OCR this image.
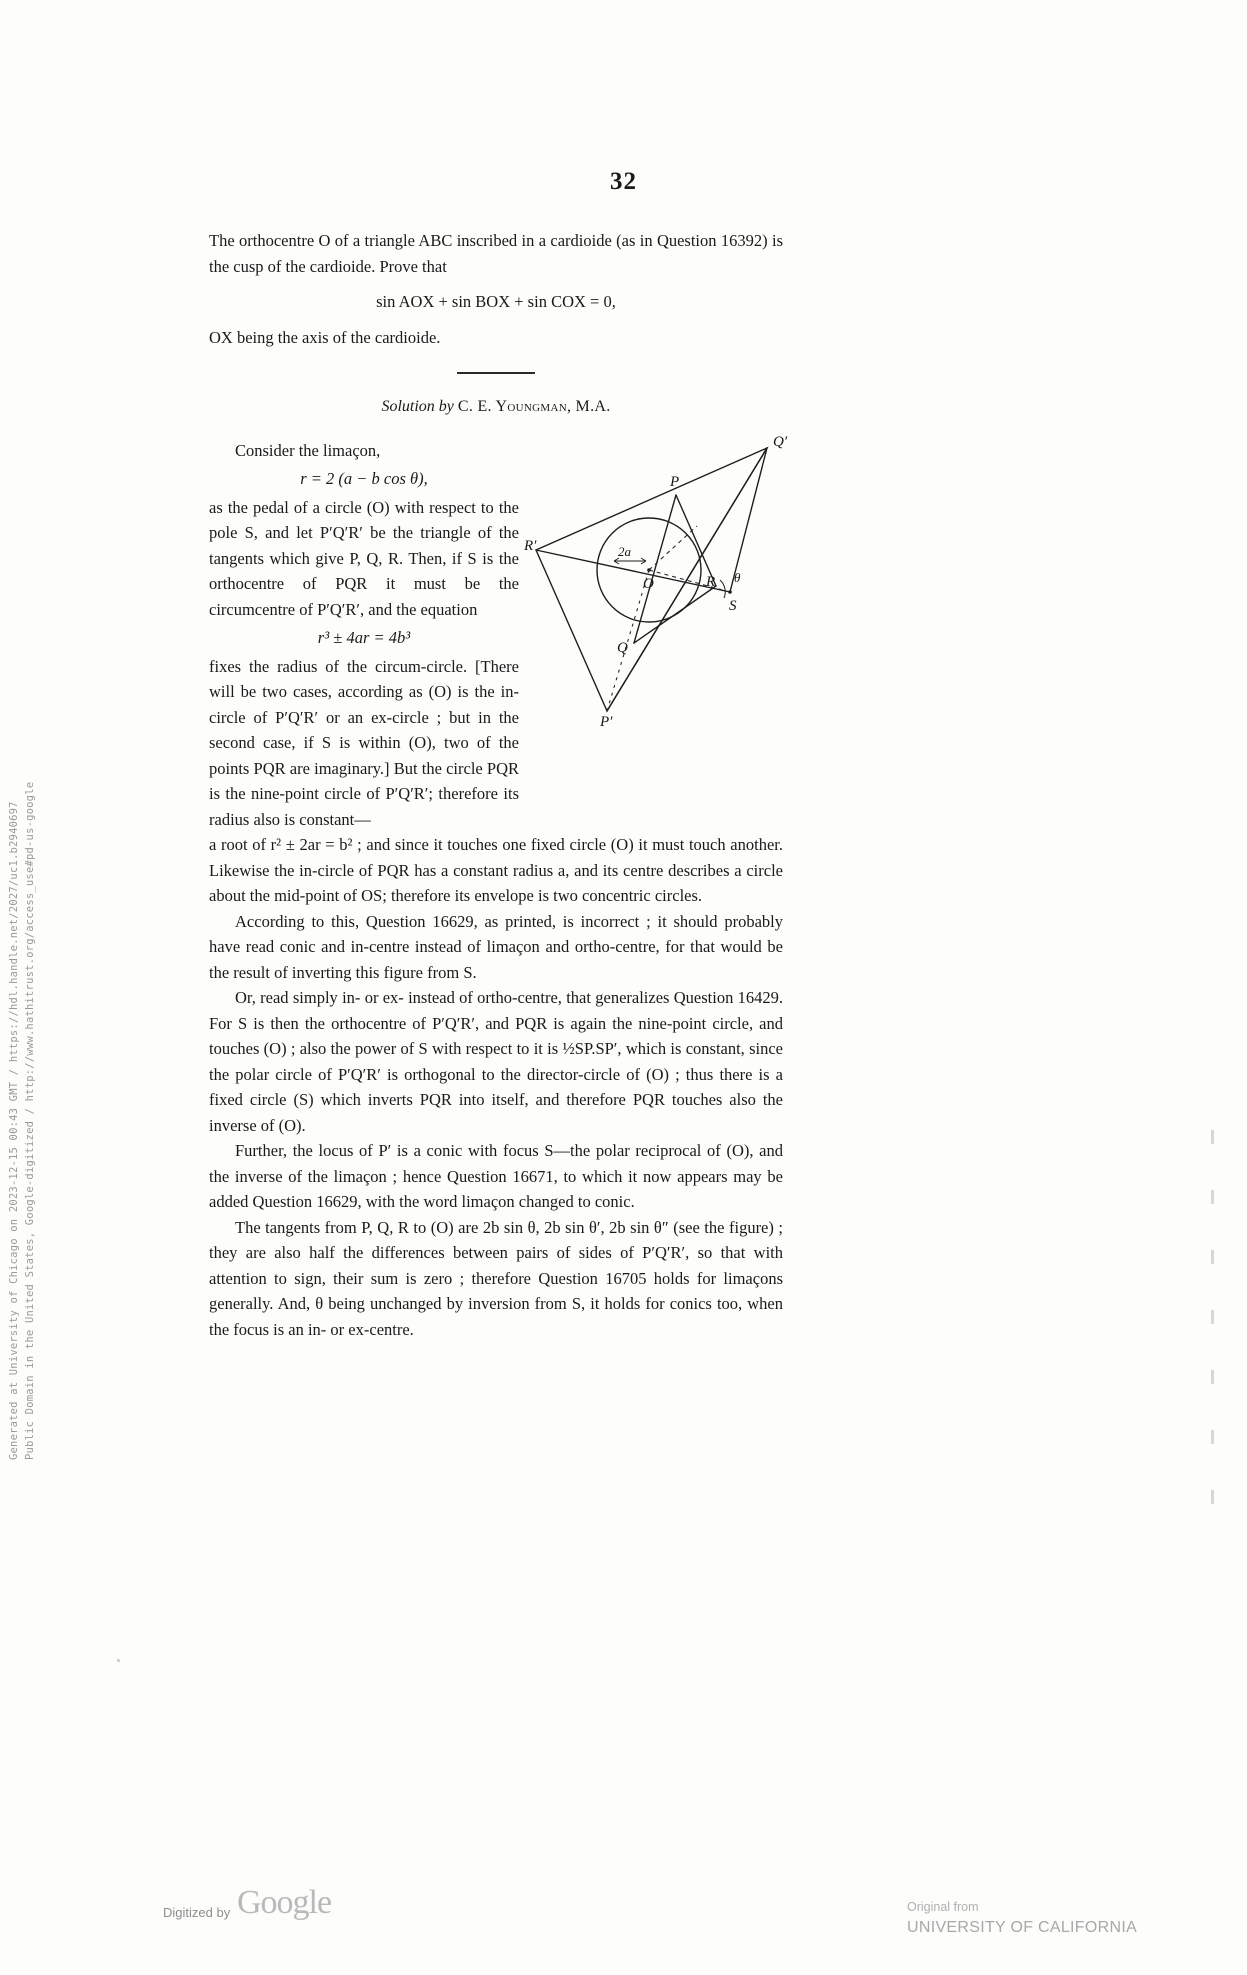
Generated at University of Chicago on 2023-12-15 00:43 GMT / https://hdl.handle.net/2027/uc1.b2940697 Public Domain in the United States, Google-digitized / http://www.hathitrust.org/access_use#pd-us-google
32

The orthocentre O of a triangle ABC inscribed in a cardioide (as in Question 16392) is the cusp of the cardioide. Prove that

sin AOX + sin BOX + sin COX = 0,

OX being the axis of the cardioide.

Solution by C. E. Youngman, M.A.

Consider the limaçon,

r = 2 (a − b cos θ),

as the pedal of a circle (O) with respect to the pole S, and let P′Q′R′ be the triangle of the tangents which give P, Q, R. Then, if S is the orthocentre of PQR it must be the circumcentre of P′Q′R′, and the equation

r³ ± 4ar = 4b³

fixes the radius of the circum-circle. [There will be two cases, according as (O) is the in-circle of P′Q′R′ or an ex-circle ; but in the second case, if S is within (O), two of the points PQR are imaginary.] But the circle PQR is the nine-point circle of P′Q′R′; therefore its radius also is constant—

a root of r² ± 2ar = b² ; and since it touches one fixed circle (O) it must touch another. Likewise the in-circle of PQR has a constant radius a, and its centre describes a circle about the mid-point of OS; therefore its envelope is two concentric circles.

According to this, Question 16629, as printed, is incorrect ; it should probably have read conic and in-centre instead of limaçon and ortho-centre, for that would be the result of inverting this figure from S.

Or, read simply in- or ex- instead of ortho-centre, that generalizes Question 16429. For S is then the orthocentre of P′Q′R′, and PQR is again the nine-point circle, and touches (O) ; also the power of S with respect to it is ½SP.SP′, which is constant, since the polar circle of P′Q′R′ is orthogonal to the director-circle of (O) ; thus there is a fixed circle (S) which inverts PQR into itself, and therefore PQR touches also the inverse of (O).

Further, the locus of P′ is a conic with focus S—the polar reciprocal of (O), and the inverse of the limaçon ; hence Question 16671, to which it now appears may be added Question 16629, with the word limaçon changed to conic.

The tangents from P, Q, R to (O) are 2b sin θ, 2b sin θ′, 2b sin θ″ (see the figure) ; they are also half the differences between pairs of sides of P′Q′R′, so that with attention to sign, their sum is zero ; therefore Question 16705 holds for limaçons generally. And, θ being unchanged by inversion from S, it holds for conics too, when the focus is an in- or ex-centre.

Q′
P
R′	2a
R θ
O
S
Q
P′
Digitized by Google	Original from
UNIVERSITY OF CALIFORNIA
